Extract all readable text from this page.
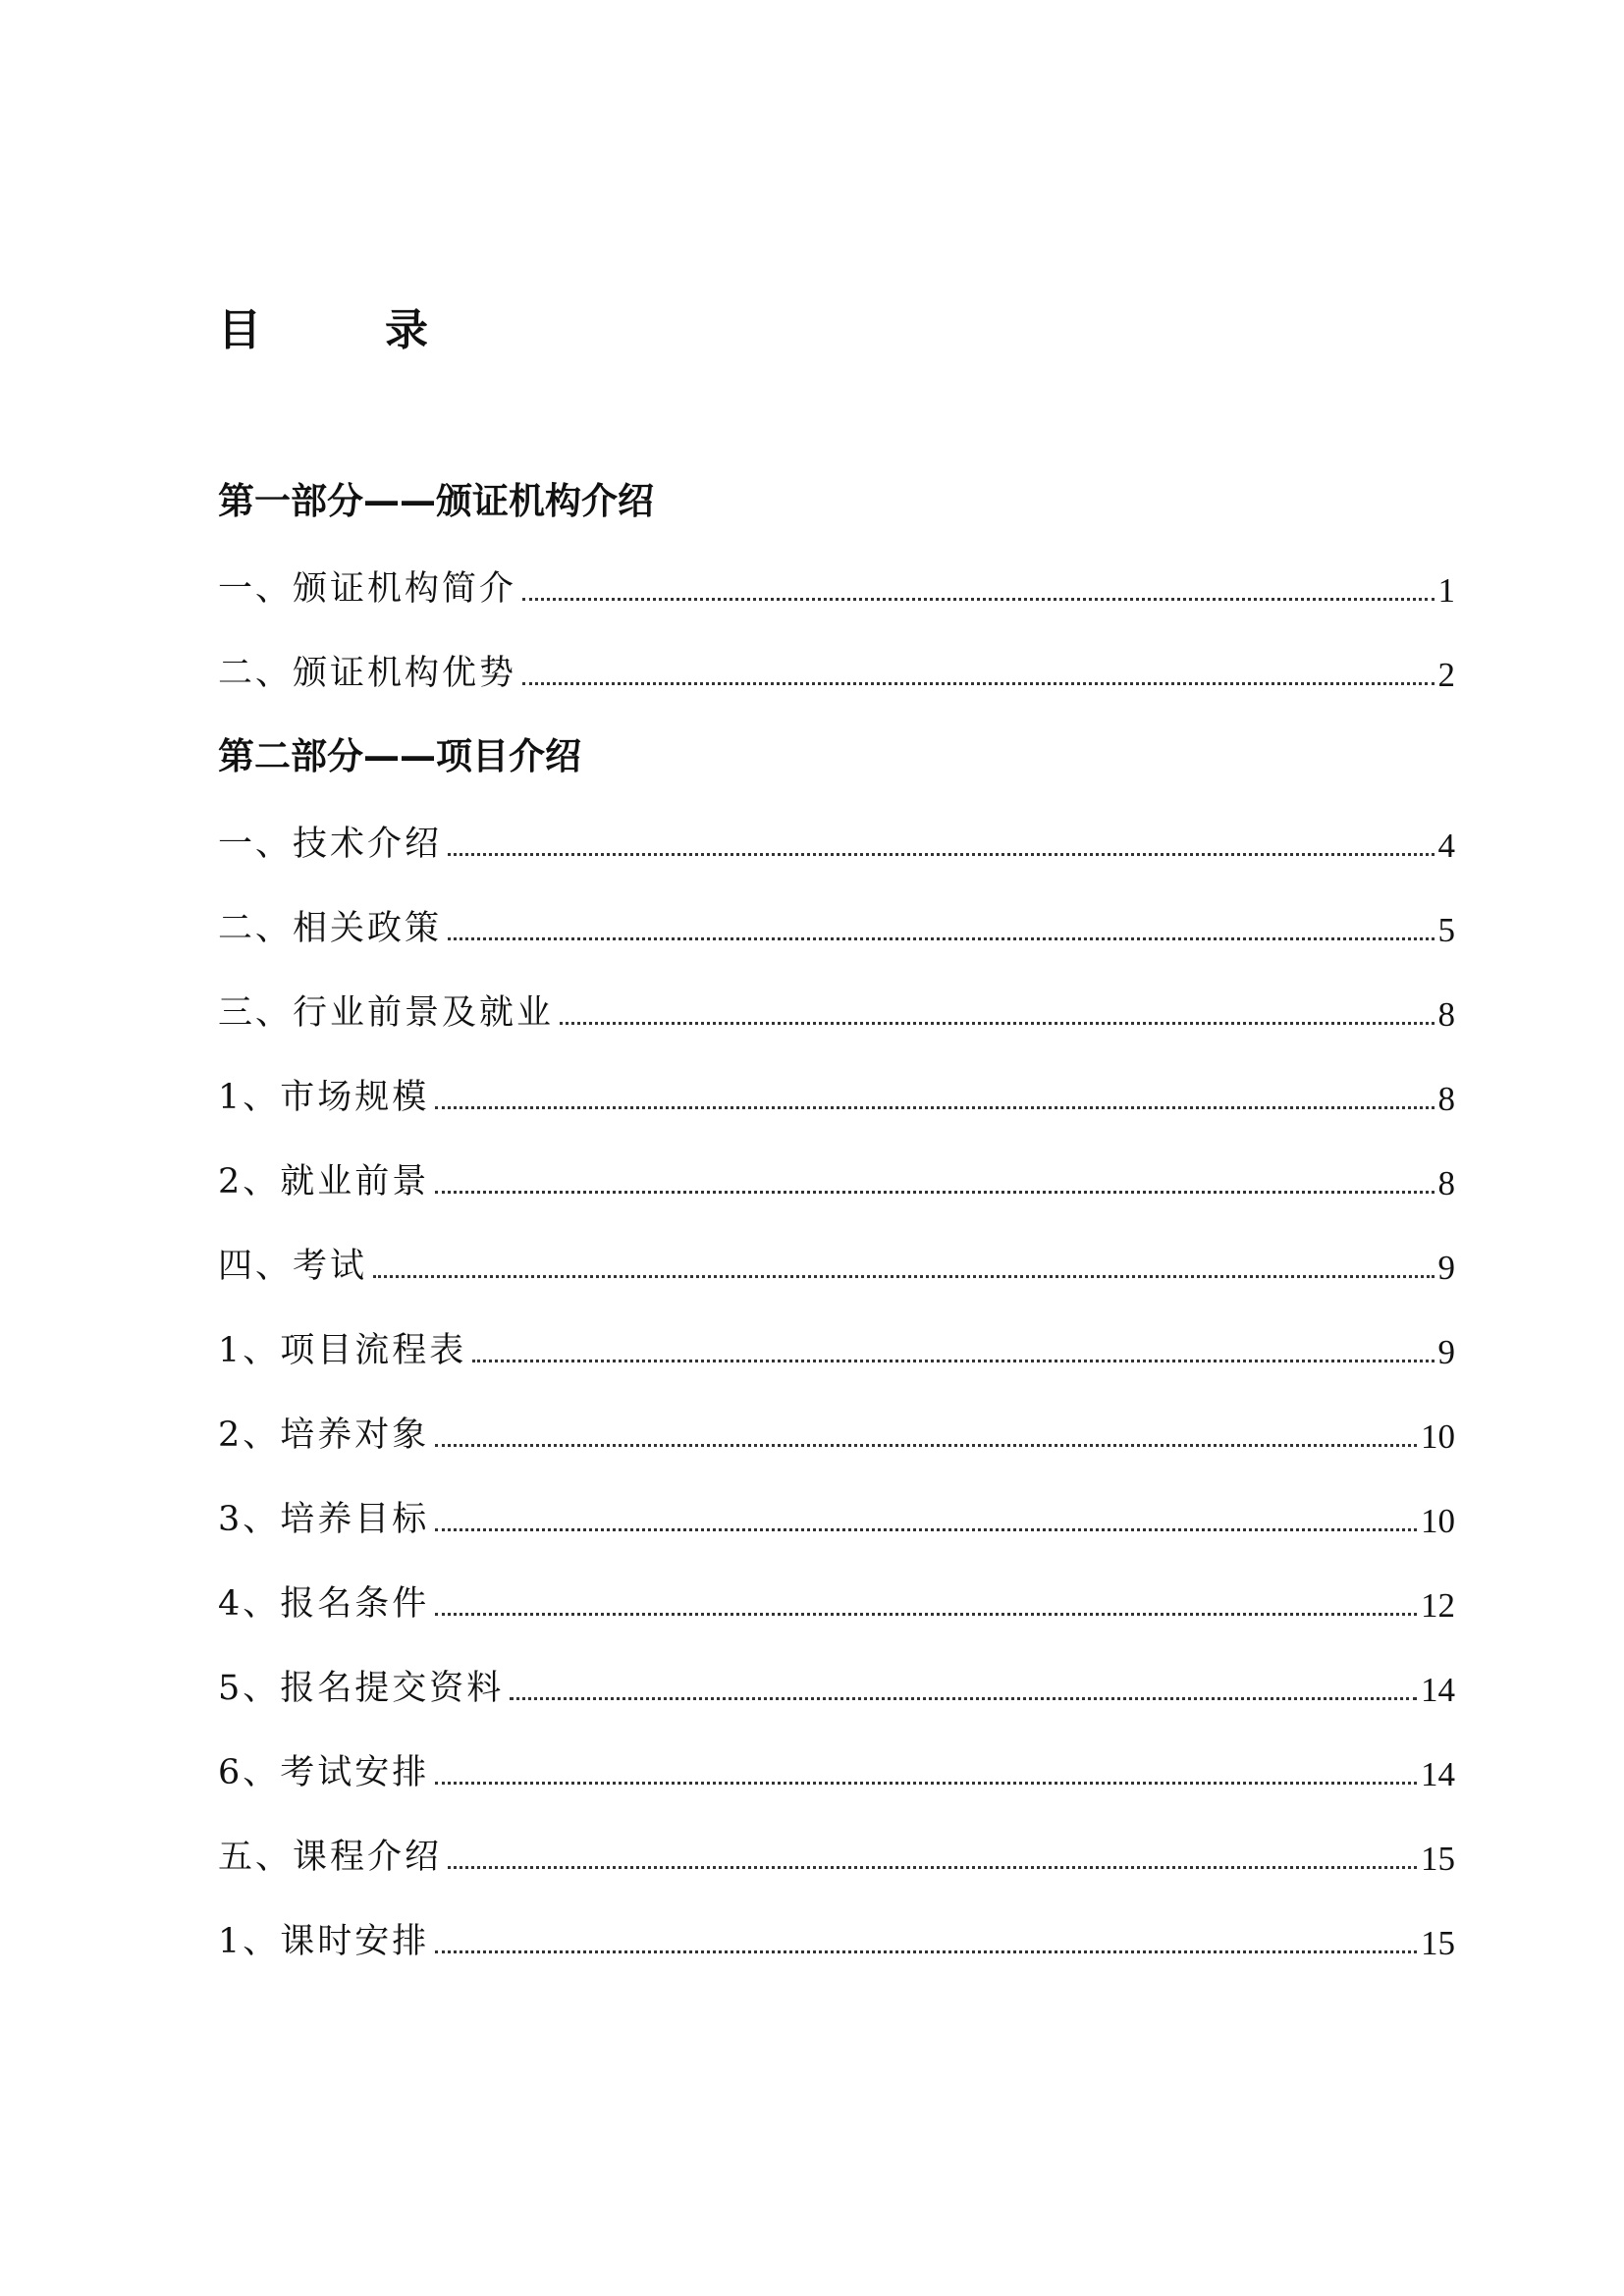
目	录
第一部分——颁证机构介绍
一、颁证机构简介	1
二、颁证机构优势	2
第二部分——项目介绍
一、技术介绍	4
二、相关政策	5
三、行业前景及就业	8
1、市场规模	8
2、就业前景	8
四、考试	9
1、项目流程表	9
2、培养对象	10
3、培养目标	10
4、报名条件	12
5、报名提交资料	14
6、考试安排	14
五、课程介绍	15
1、课时安排	15
